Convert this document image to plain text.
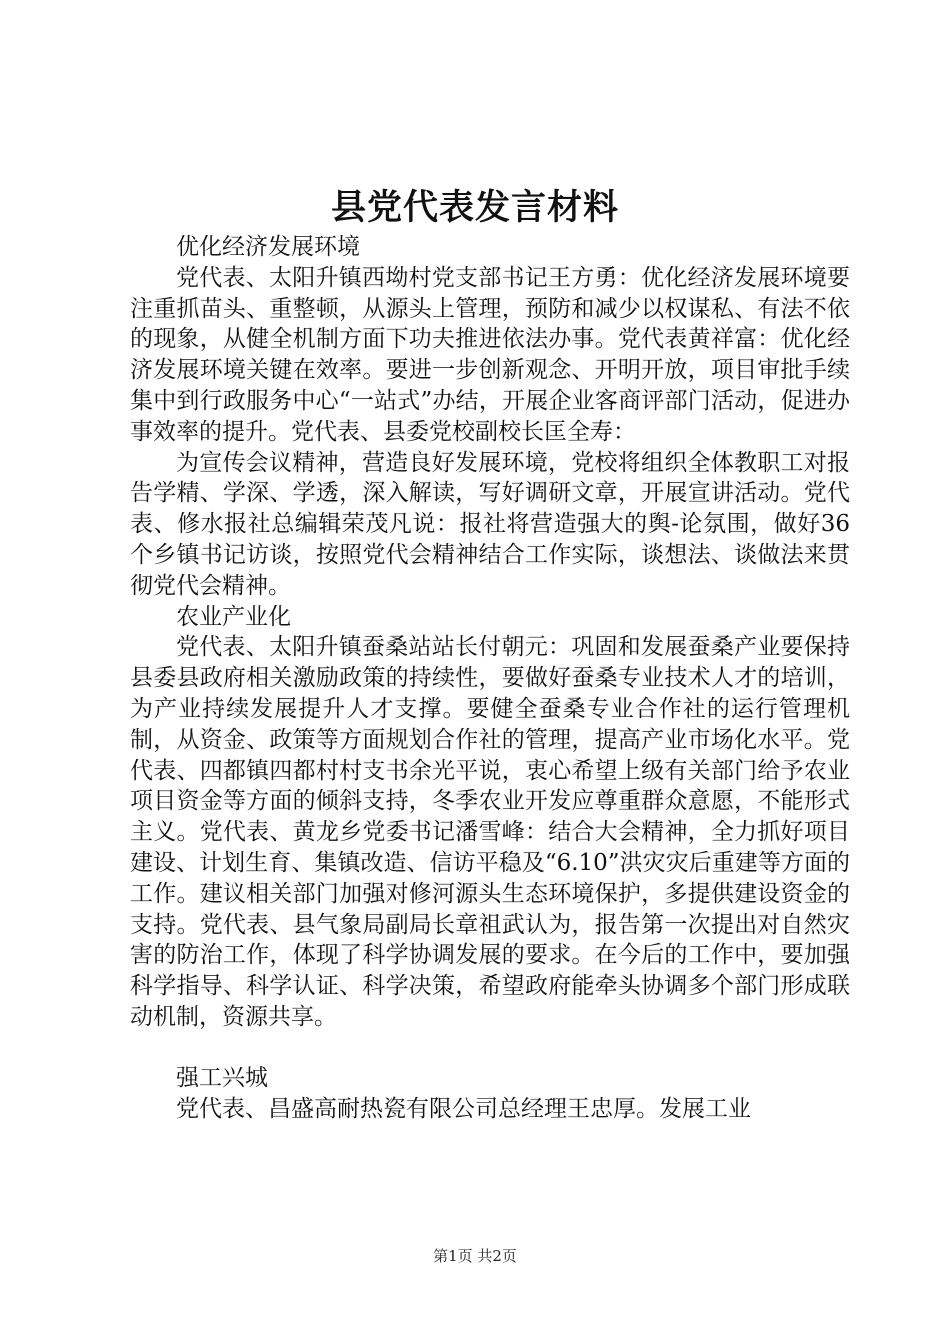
县党代表发言材料

优化经济发展环境

党代表、太阳升镇西坳村党支部书记王方勇：优化经济发展环境要注重抓苗头、重整顿，从源头上管理，预防和减少以权谋私、有法不依的现象，从健全机制方面下功夫推进依法办事。党代表黄祥富：优化经济发展环境关键在效率。要进一步创新观念、开明开放，项目审批手续集中到行政服务中心“一站式”办结，开展企业客商评部门活动，促进办事效率的提升。党代表、县委党校副校长匡全寿：

为宣传会议精神，营造良好发展环境，党校将组织全体教职工对报告学精、学深、学透，深入解读，写好调研文章，开展宣讲活动。党代表、修水报社总编辑荣茂凡说：报社将营造强大的舆-论氛围，做好36个乡镇书记访谈，按照党代会精神结合工作实际，谈想法、谈做法来贯彻党代会精神。

农业产业化

党代表、太阳升镇蚕桑站站长付朝元：巩固和发展蚕桑产业要保持县委县政府相关激励政策的持续性，要做好蚕桑专业技术人才的培训，为产业持续发展提升人才支撑。要健全蚕桑专业合作社的运行管理机制，从资金、政策等方面规划合作社的管理，提高产业市场化水平。党代表、四都镇四都村村支书余光平说，衷心希望上级有关部门给予农业项目资金等方面的倾斜支持，冬季农业开发应尊重群众意愿，不能形式主义。党代表、黄龙乡党委书记潘雪峰：结合大会精神，全力抓好项目建设、计划生育、集镇改造、信访平稳及“6.10”洪灾灾后重建等方面的工作。建议相关部门加强对修河源头生态环境保护，多提供建设资金的支持。党代表、县气象局副局长章祖武认为，报告第一次提出对自然灾害的防治工作，体现了科学协调发展的要求。在今后的工作中，要加强科学指导、科学认证、科学决策，希望政府能牵头协调多个部门形成联动机制，资源共享。

强工兴城

党代表、昌盛高耐热瓷有限公司总经理王忠厚。发展工业

第1页 共2页
